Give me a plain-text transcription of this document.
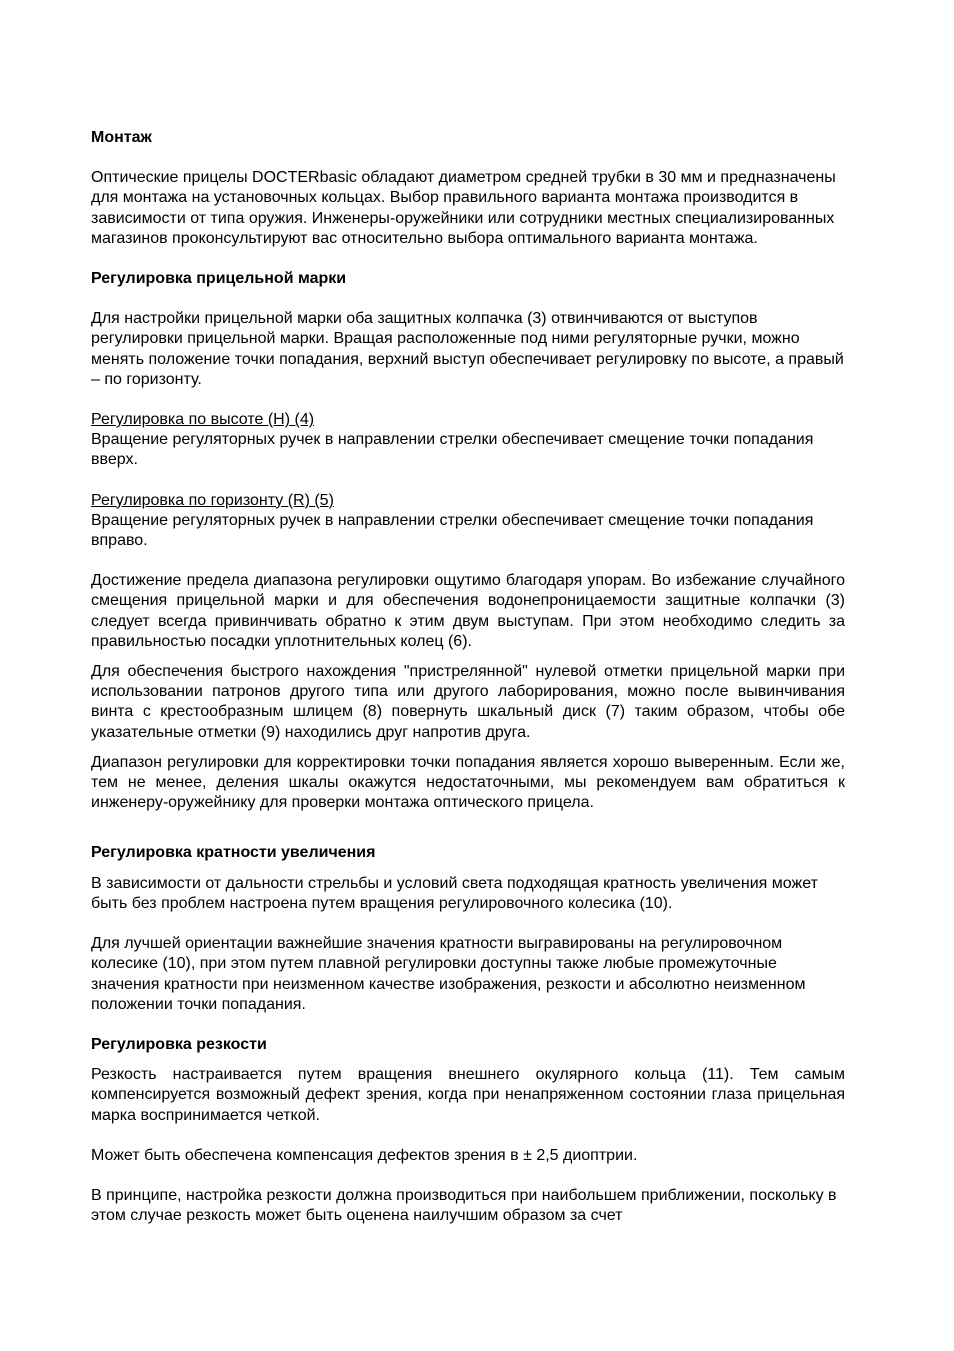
Монтаж

Оптические прицелы DOCTERbasic обладают диаметром средней трубки в 30 мм и предназначены для монтажа на установочных кольцах. Выбор правильного варианта монтажа производится в зависимости от типа оружия. Инженеры-оружейники или сотрудники местных специализированных магазинов проконсультируют вас относительно выбора оптимального варианта монтажа.

Регулировка прицельной марки

Для настройки прицельной марки оба защитных колпачка (3) отвинчиваются от выступов регулировки прицельной марки. Вращая расположенные под ними регуляторные ручки, можно менять положение точки попадания, верхний выступ обеспечивает регулировку по высоте, а правый – по горизонту.

Регулировка по высоте (H) (4)

Вращение регуляторных ручек в направлении стрелки обеспечивает смещение точки попадания вверх.

Регулировка по горизонту (R) (5)

Вращение регуляторных ручек в направлении стрелки обеспечивает смещение точки попадания вправо.

Достижение предела диапазона регулировки ощутимо благодаря упорам. Во избежание случайного смещения прицельной марки и для обеспечения водонепроницаемости защитные колпачки (3) следует всегда привинчивать обратно к этим двум выступам. При этом необходимо следить за правильностью посадки уплотнительных колец (6).

Для обеспечения быстрого нахождения "пристрелянной" нулевой отметки прицельной марки при использовании патронов другого типа или другого лаборирования, можно после вывинчивания винта с крестообразным шлицем (8) повернуть шкальный диск (7) таким образом, чтобы обе указательные отметки (9) находились друг напротив друга.

Диапазон регулировки для корректировки точки попадания является хорошо выверенным. Если же, тем не менее, деления шкалы окажутся недостаточными, мы рекомендуем вам обратиться к инженеру-оружейнику для проверки монтажа оптического прицела.

Регулировка кратности увеличения

В зависимости от дальности стрельбы и условий света подходящая кратность увеличения может быть без проблем настроена путем вращения регулировочного колесика (10).

Для лучшей ориентации важнейшие значения кратности выгравированы на регулировочном колесике (10), при этом путем плавной регулировки доступны также любые промежуточные значения кратности при неизменном качестве изображения, резкости и абсолютно неизменном положении точки попадания.

Регулировка резкости

Резкость настраивается путем вращения внешнего окулярного кольца (11). Тем самым компенсируется возможный дефект зрения, когда при ненапряженном состоянии глаза прицельная марка воспринимается четкой.

Может быть обеспечена компенсация дефектов зрения в ± 2,5 диоптрии.

В принципе, настройка резкости должна производиться при наибольшем приближении, поскольку в этом случае резкость может быть оценена наилучшим образом за счет
